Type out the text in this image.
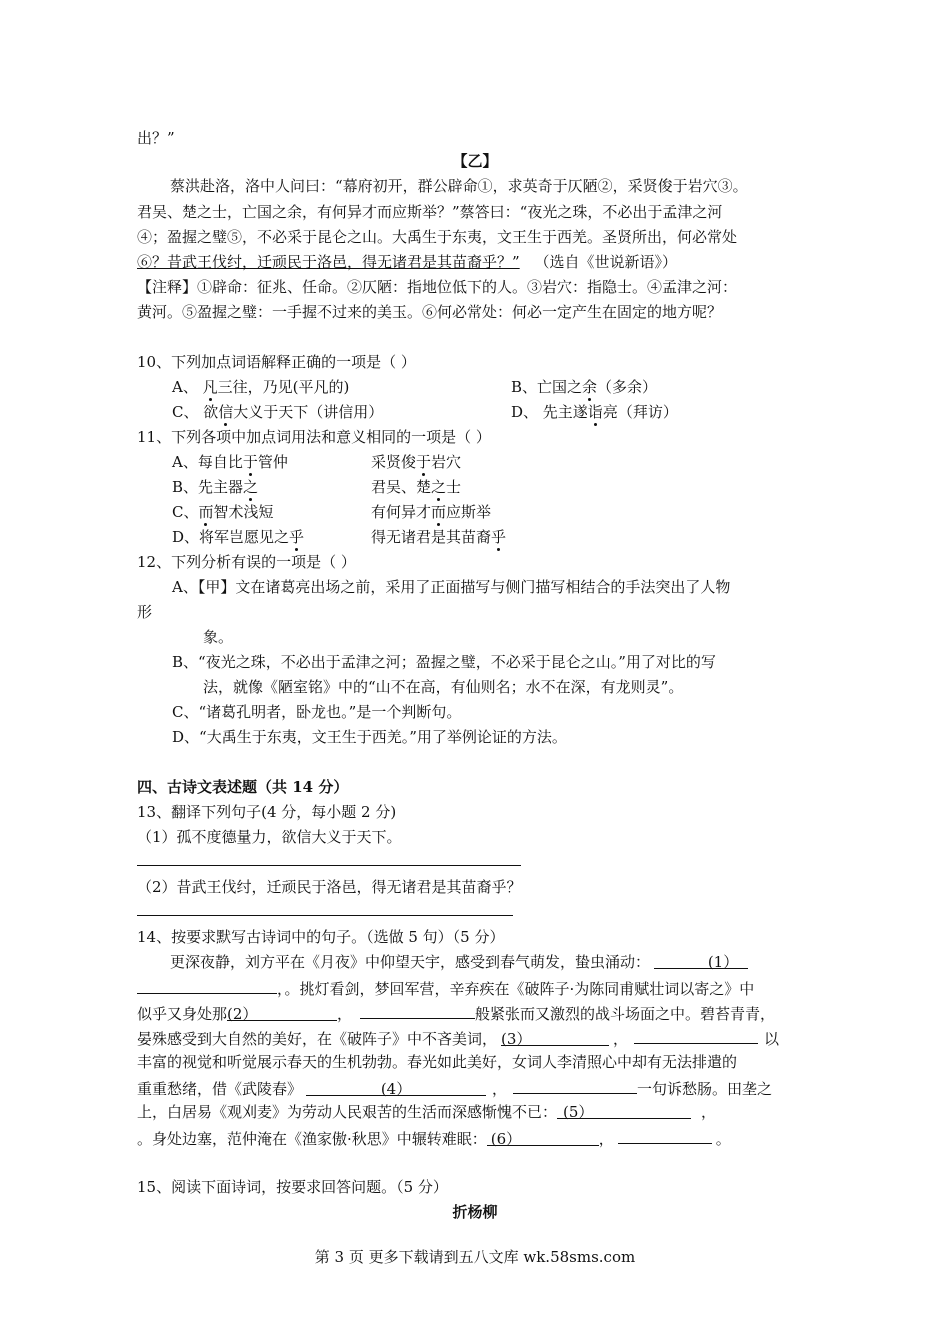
出？”
【乙】
蔡洪赴洛，洛中人问曰：“幕府初开，群公辟命①，求英奇于仄陋②，采贤俊于岩穴③。
君吴、楚之士，亡国之余，有何异才而应斯举？”蔡答曰：“夜光之珠，不必出于孟津之河
④；盈握之璧⑤，不必采于昆仑之山。大禹生于东夷，文王生于西羌。圣贤所出，何必常处
⑥？昔武王伐纣，迁顽民于洛邑，得无诸君是其苗裔乎？” （选自《世说新语》）
【注释】①辟命：征兆、任命。②仄陋：指地位低下的人。③岩穴：指隐士。④孟津之河：
黄河。⑤盈握之璧：一手握不过来的美玉。⑥何必常处：何必一定产生在固定的地方呢？
10、下列加点词语解释正确的一项是（ ）
A、 凡三往，乃见(平凡的)	B、亡国之余（多余）
C、 欲信大义于天下（讲信用）	D、 先主遂诣亮（拜访）
11、下列各项中加点词用法和意义相同的一项是（ ）
A、每自比于管仲	采贤俊于岩穴
B、先主器之	君吴、楚之士
C、而智术浅短	有何异才而应斯举
D、将军岂愿见之乎	得无诸君是其苗裔乎
12、下列分析有误的一项是（ ）
A、【甲】文在诸葛亮出场之前，采用了正面描写与侧门描写相结合的手法突出了人物
形
象。
B、“夜光之珠，不必出于孟津之河；盈握之璧，不必采于昆仑之山。”用了对比的写
法，就像《陋室铭》中的“山不在高，有仙则名；水不在深，有龙则灵”。
C、“诸葛孔明者，卧龙也。”是一个判断句。
D、“大禹生于东夷，文王生于西羌。”用了举例论证的方法。
四、古诗文表述题（共 14 分）
13、翻译下列句子(4 分，每小题 2 分)
（1）孤不度德量力，欲信大义于天下。
（2）昔武王伐纣，迁顽民于洛邑，得无诸君是其苗裔乎？
14、按要求默写古诗词中的句子。（选做 5 句）（5 分）
更深夜静，刘方平在《月夜》中仰望天宇，感受到春气萌发，蛰虫涌动：	(1）
，。挑灯看剑，梦回军营，辛弃疾在《破阵子·为陈同甫赋壮词以寄之》中
似乎又身处那(2）	，	般紧张而又激烈的战斗场面之中。碧苔青青，
晏殊感受到大自然的美好，在《破阵子》中不吝美词， (3）	，	以
丰富的视觉和听觉展示春天的生机勃勃。春光如此美好，女词人李清照心中却有无法排遣的
重重愁绪，借《武陵春》	(4）	，	一句诉愁肠。田垄之
上，白居易《观刈麦》为劳动人民艰苦的生活而深感惭愧不已： (5）	，
。身处边塞，范仲淹在《渔家傲·秋思》中辗转难眠： (6）	，	。
15、阅读下面诗词，按要求回答问题。（5 分）
折杨柳
第 3 页 更多下载请到五八文库 wk.58sms.com
